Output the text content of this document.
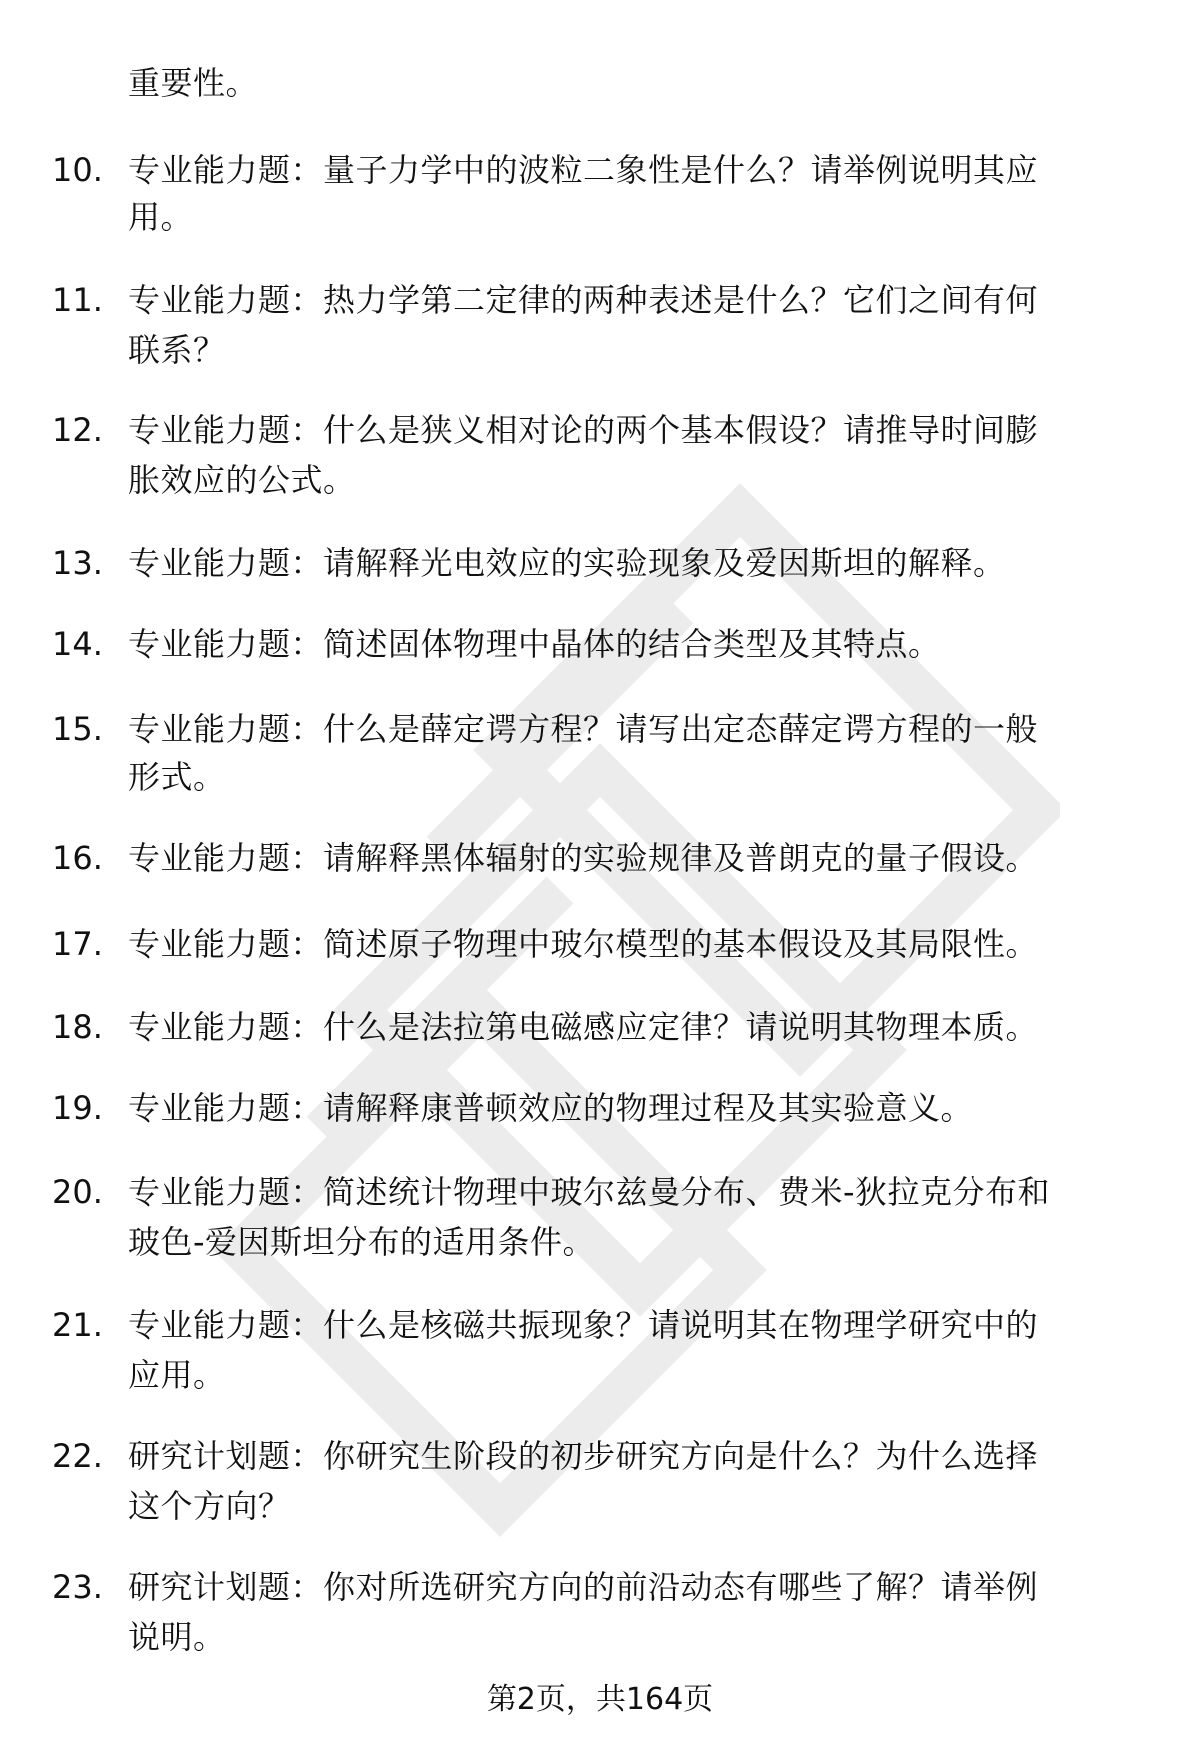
重要性。
10. 专业能力题：量子力学中的波粒二象性是什么？请举例说明其应
用。
11. 专业能力题：热力学第二定律的两种表述是什么？它们之间有何
联系？
12. 专业能力题：什么是狭义相对论的两个基本假设？请推导时间膨
胀效应的公式。
13. 专业能力题：请解释光电效应的实验现象及爱因斯坦的解释。
14. 专业能力题：简述固体物理中晶体的结合类型及其特点。
15. 专业能力题：什么是薛定谔方程？请写出定态薛定谔方程的一般
形式。
16. 专业能力题：请解释黑体辐射的实验规律及普朗克的量子假设。
17. 专业能力题：简述原子物理中玻尔模型的基本假设及其局限性。
18. 专业能力题：什么是法拉第电磁感应定律？请说明其物理本质。
19. 专业能力题：请解释康普顿效应的物理过程及其实验意义。
20. 专业能力题：简述统计物理中玻尔兹曼分布、费米-狄拉克分布和
玻色-爱因斯坦分布的适用条件。
21. 专业能力题：什么是核磁共振现象？请说明其在物理学研究中的
应用。
22. 研究计划题：你研究生阶段的初步研究方向是什么？为什么选择
这个方向？
23. 研究计划题：你对所选研究方向的前沿动态有哪些了解？请举例
说明。
第2页，共164页
